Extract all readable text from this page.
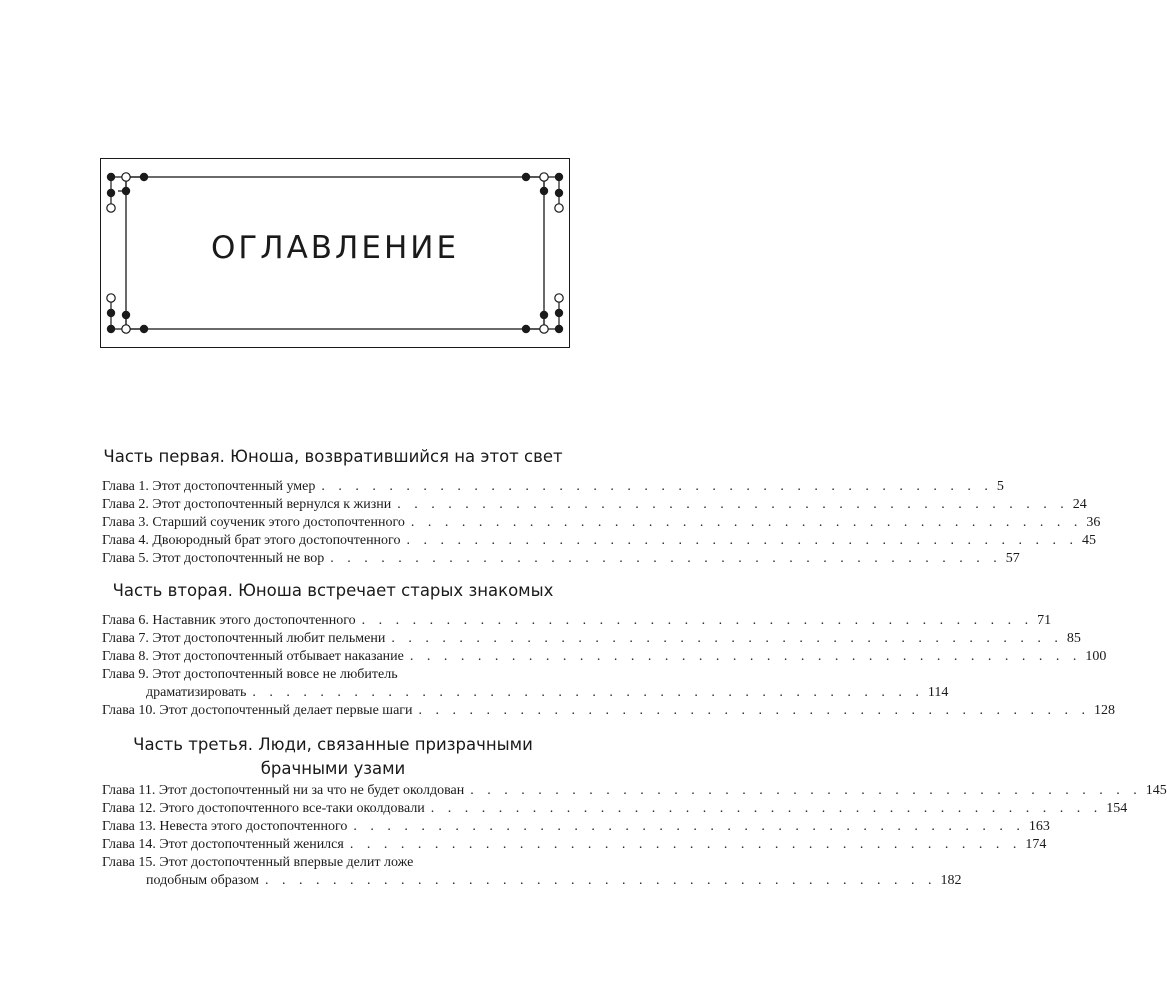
ОГЛАВЛЕНИЕ
Часть первая. Юноша, возвратившийся на этот свет
Глава 1. Этот достопочтенный умер . . . . . . . . . . . . . . . . . . . . . . . . . . . . . . . . . . . . . . . . 5
Глава 2. Этот достопочтенный вернулся к жизни . . . . . . . . . . . . . . . . . . . . . . . . . . . . . . . . . . . . . . . . 24
Глава 3. Старший соученик этого достопочтенного . . . . . . . . . . . . . . . . . . . . . . . . . . . . . . . . . . . . . . . . 36
Глава 4. Двоюродный брат этого достопочтенного . . . . . . . . . . . . . . . . . . . . . . . . . . . . . . . . . . . . . . . . 45
Глава 5. Этот достопочтенный не вор . . . . . . . . . . . . . . . . . . . . . . . . . . . . . . . . . . . . . . . . 57
Часть вторая. Юноша встречает старых знакомых
Глава 6. Наставник этого достопочтенного . . . . . . . . . . . . . . . . . . . . . . . . . . . . . . . . . . . . . . . . 71
Глава 7. Этот достопочтенный любит пельмени . . . . . . . . . . . . . . . . . . . . . . . . . . . . . . . . . . . . . . . . 85
Глава 8. Этот достопочтенный отбывает наказание . . . . . . . . . . . . . . . . . . . . . . . . . . . . . . . . . . . . . . . . 100
Глава 9. Этот достопочтенный вовсе не любитель
драматизировать . . . . . . . . . . . . . . . . . . . . . . . . . . . . . . . . . . . . . . . . 114
Глава 10. Этот достопочтенный делает первые шаги . . . . . . . . . . . . . . . . . . . . . . . . . . . . . . . . . . . . . . . . 128
Часть третья. Люди, связанные призрачными
брачными узами
Глава 11. Этот достопочтенный ни за что не будет околдован . . . . . . . . . . . . . . . . . . . . . . . . . . . . . . . . . . . . . . . . 145
Глава 12. Этого достопочтенного все-таки околдовали . . . . . . . . . . . . . . . . . . . . . . . . . . . . . . . . . . . . . . . . 154
Глава 13. Невеста этого достопочтенного . . . . . . . . . . . . . . . . . . . . . . . . . . . . . . . . . . . . . . . . 163
Глава 14. Этот достопочтенный женился . . . . . . . . . . . . . . . . . . . . . . . . . . . . . . . . . . . . . . . . 174
Глава 15. Этот достопочтенный впервые делит ложе
подобным образом . . . . . . . . . . . . . . . . . . . . . . . . . . . . . . . . . . . . . . . . 182
